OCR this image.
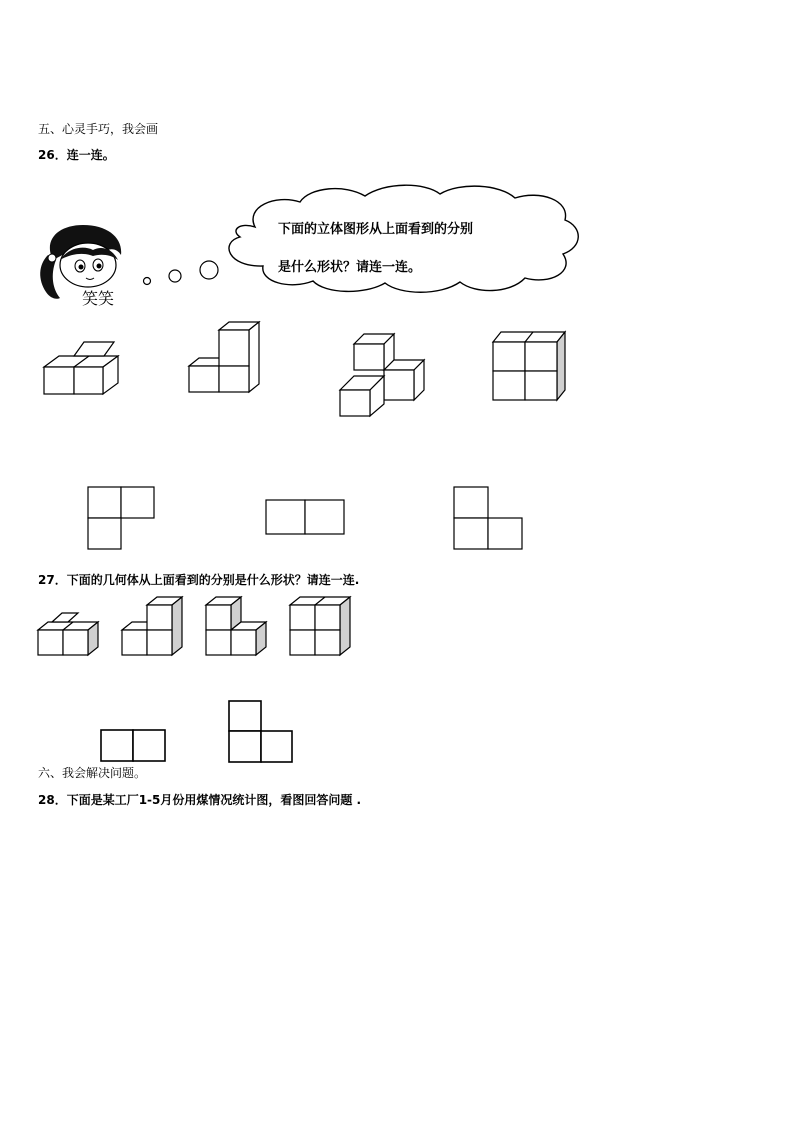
五、心灵手巧，我会画
26．连一连。
笑笑
下面的立体图形从上面看到的分别
是什么形状？请连一连。
27．下面的几何体从上面看到的分别是什么形状？请连一连.
六、我会解决问题。
28．下面是某工厂1-5月份用煤情况统计图，看图回答问题 .
